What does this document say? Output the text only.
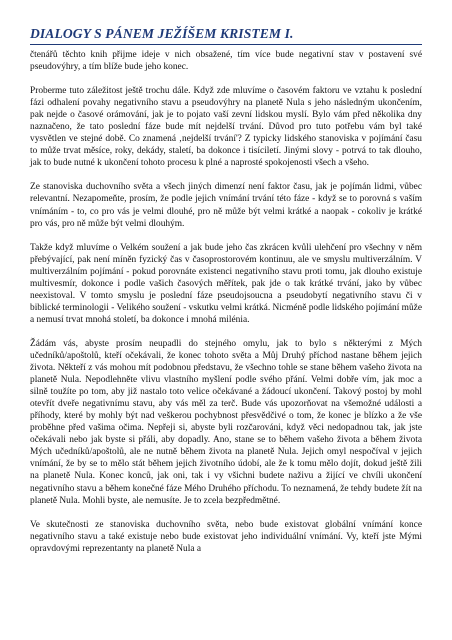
DIALOGY S PÁNEM JEŽÍŠEM KRISTEM I.

čtenářů těchto knih přijme ideje v nich obsažené, tím více bude negativní stav v postavení své pseudovýhry, a tím blíže bude jeho konec.

Proberme tuto záležitost ještě trochu dále. Když zde mluvíme o časovém faktoru ve vztahu k poslední fázi odhalení povahy negativního stavu a pseudovýhry na planetě Nula s jeho následným ukončením, pak nejde o časové orámování, jak je to pojato vaší zevní lidskou myslí. Bylo vám před několika dny naznačeno, že tato poslední fáze bude mít nejdelší trvání. Důvod pro tuto potřebu vám byl také vysvětlen ve stejné době. Co znamená ‚nejdelší trvání'? Z typicky lidského stanoviska v pojímání času to může trvat měsíce, roky, dekády, staletí, ba dokonce i tisíciletí. Jinými slovy - potrvá to tak dlouho, jak to bude nutné k ukončení tohoto procesu k plné a naprosté spokojenosti všech a všeho.

Ze stanoviska duchovního světa a všech jiných dimenzí není faktor času, jak je pojímán lidmi, vůbec relevantní. Nezapomeňte, prosím, že podle jejich vnímání trvání této fáze - když se to porovná s vaším vnímáním - to, co pro vás je velmi dlouhé, pro ně může být velmi krátké a naopak - cokoliv je krátké pro vás, pro ně může být velmi dlouhým.

Takže když mluvíme o Velkém soužení a jak bude jeho čas zkrácen kvůli ulehčení pro všechny v něm přebývající, pak není míněn fyzický čas v časoprostorovém kontinuu, ale ve smyslu multiverzálním. V multiverzálním pojímání - pokud porovnáte existenci negativního stavu proti tomu, jak dlouho existuje multivesmír, dokonce i podle vašich časových měřítek, pak jde o tak krátké trvání, jako by vůbec neexistoval. V tomto smyslu je poslední fáze pseudojsoucna a pseudobytí negativního stavu či v biblické terminologii - Velikého soužení - vskutku velmi krátká. Nicméně podle lidského pojímání může a nemusí trvat mnohá století, ba dokonce i mnohá milénia.

Žádám vás, abyste prosím neupadli do stejného omylu, jak to bylo s některými z Mých učedníků/apoštolů, kteří očekávali, že konec tohoto světa a Můj Druhý příchod nastane během jejich života. Někteří z vás mohou mít podobnou představu, že všechno tohle se stane během vašeho života na planetě Nula. Nepodlehněte vlivu vlastního myšlení podle svého přání. Velmi dobře vím, jak moc a silně toužíte po tom, aby již nastalo toto velice očekávané a žádoucí ukončení. Takový postoj by mohl otevřít dveře negativnímu stavu, aby vás měl za terč. Bude vás upozorňovat na všemožné události a příhody, které by mohly být nad veškerou pochybnost přesvědčivé o tom, že konec je blízko a že vše proběhne před vašima očima. Nepřeji si, abyste byli rozčarováni, když věci nedopadnou tak, jak jste očekávali nebo jak byste si přáli, aby dopadly. Ano, stane se to během vašeho života a během života Mých učedníků/apoštolů, ale ne nutně během života na planetě Nula. Jejich omyl nespočíval v jejich vnímání, že by se to mělo stát během jejich životního údobí, ale že k tomu mělo dojít, dokud ještě žili na planetě Nula. Konec konců, jak oni, tak i vy všichni budete naživu a žijící ve chvíli ukončení negativního stavu a během konečné fáze Mého Druhého příchodu. To neznamená, že tehdy budete žít na planetě Nula. Mohli byste, ale nemusíte. Je to zcela bezpředmětné.

Ve skutečnosti ze stanoviska duchovního světa, nebo bude existovat globální vnímání konce negativního stavu a také existuje nebo bude existovat jeho individuální vnímání. Vy, kteří jste Mými opravdovými reprezentanty na planetě Nula a
